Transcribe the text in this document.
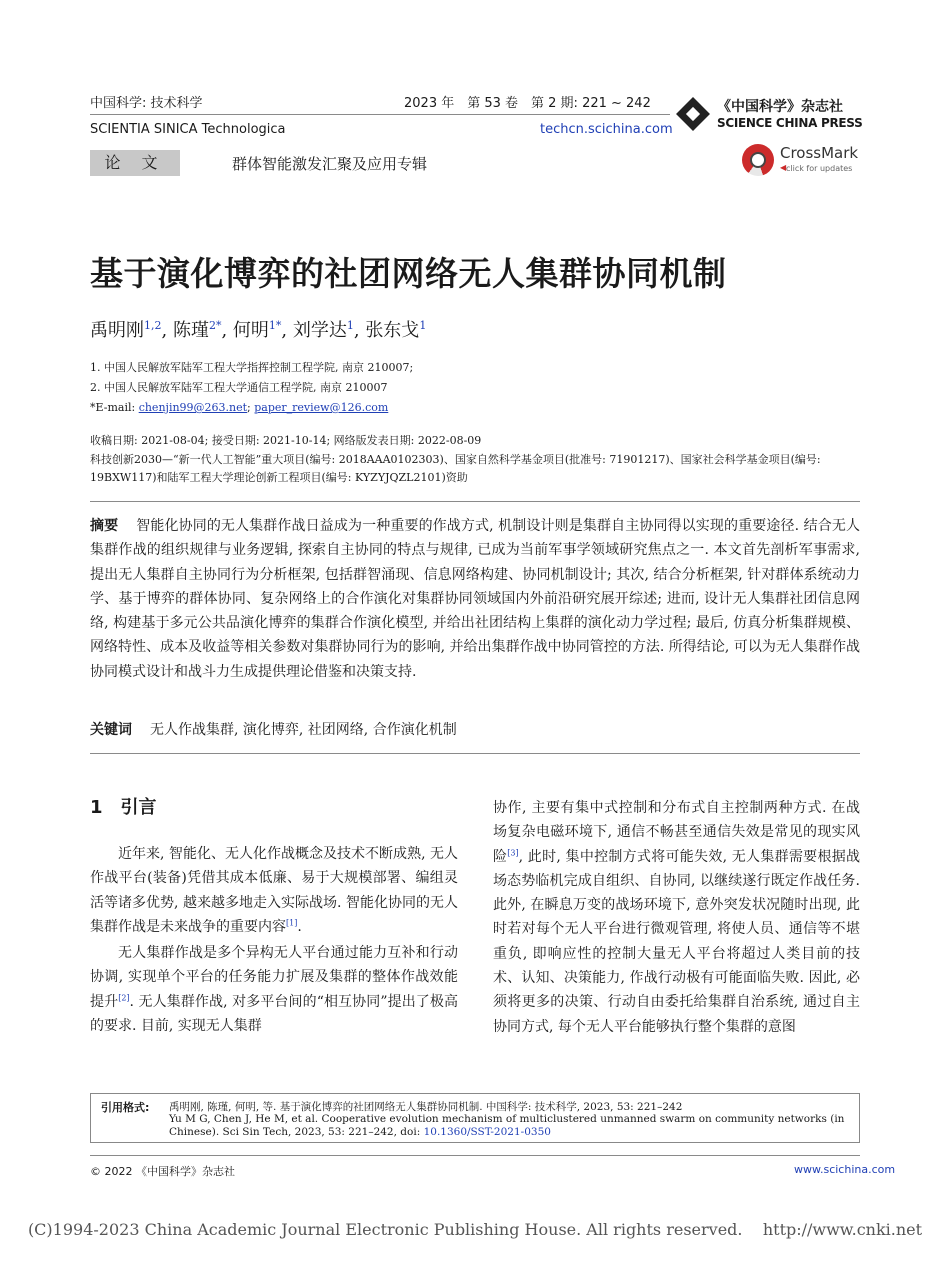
中国科学: 技术科学
SCIENTIA SINICA Technologica
2023 年　第 53 卷　第 2 期: 221 ~ 242
techcn.scichina.com
《中国科学》杂志社
SCIENCE CHINA PRESS
论 文	群体智能激发汇聚及应用专辑
CrossMark
◀ click for updates
基于演化博弈的社团网络无人集群协同机制
禹明刚$^{1,2}$, 陈瑾$^{2*}$, 何明$^{1*}$, 刘学达$^1$, 张东戈$^1$
1. 中国人民解放军陆军工程大学指挥控制工程学院, 南京 210007;
2. 中国人民解放军陆军工程大学通信工程学院, 南京 210007
*E-mail: chenjin99@263.net; paper_review@126.com
收稿日期: 2021-08-04; 接受日期: 2021-10-14; 网络版发表日期: 2022-08-09
科技创新2030—“新一代人工智能”重大项目(编号: 2018AAA0102303)、国家自然科学基金项目(批准号: 71901217)、国家社会科学基金项目(编号: 19BXW117)和陆军工程大学理论创新工程项目(编号: KYZYJQZL2101)资助
摘要 智能化协同的无人集群作战日益成为一种重要的作战方式, 机制设计则是集群自主协同得以实现的重要途径. 结合无人集群作战的组织规律与业务逻辑, 探索自主协同的特点与规律, 已成为当前军事学领域研究焦点之一. 本文首先剖析军事需求, 提出无人集群自主协同行为分析框架, 包括群智涌现、信息网络构建、协同机制设计; 其次, 结合分析框架, 针对群体系统动力学、基于博弈的群体协同、复杂网络上的合作演化对集群协同领域国内外前沿研究展开综述; 进而, 设计无人集群社团信息网络, 构建基于多元公共品演化博弈的集群合作演化模型, 并给出社团结构上集群的演化动力学过程; 最后, 仿真分析集群规模、网络特性、成本及收益等相关参数对集群协同行为的影响, 并给出集群作战中协同管控的方法. 所得结论, 可以为无人集群作战协同模式设计和战斗力生成提供理论借鉴和决策支持.
关键词 无人作战集群, 演化博弈, 社团网络, 合作演化机制
1　引言

近年来, 智能化、无人化作战概念及技术不断成熟, 无人作战平台(装备)凭借其成本低廉、易于大规模部署、编组灵活等诸多优势, 越来越多地走入实际战场. 智能化协同的无人集群作战是未来战争的重要内容[1].

无人集群作战是多个异构无人平台通过能力互补和行动协调, 实现单个平台的任务能力扩展及集群的整体作战效能提升[2]. 无人集群作战, 对多平台间的“相互协同”提出了极高的要求. 目前, 实现无人集群

协作, 主要有集中式控制和分布式自主控制两种方式. 在战场复杂电磁环境下, 通信不畅甚至通信失效是常见的现实风险[3], 此时, 集中控制方式将可能失效, 无人集群需要根据战场态势临机完成自组织、自协同, 以继续遂行既定作战任务. 此外, 在瞬息万变的战场环境下, 意外突发状况随时出现, 此时若对每个无人平台进行微观管理, 将使人员、通信等不堪重负, 即响应性的控制大量无人平台将超过人类目前的技术、认知、决策能力, 作战行动极有可能面临失败. 因此, 必须将更多的决策、行动自由委托给集群自治系统, 通过自主协同方式, 每个无人平台能够执行整个集群的意图

引用格式: 禹明刚, 陈瑾, 何明, 等. 基于演化博弈的社团网络无人集群协同机制. 中国科学: 技术科学, 2023, 53: 221–242
Yu M G, Chen J, He M, et al. Cooperative evolution mechanism of multiclustered unmanned swarm on community networks (in Chinese). Sci Sin Tech, 2023, 53: 221–242, doi: 10.1360/SST-2021-0350
© 2022 《中国科学》杂志社	www.scichina.com
(C)1994-2023 China Academic Journal Electronic Publishing House. All rights reserved.    http://www.cnki.net
